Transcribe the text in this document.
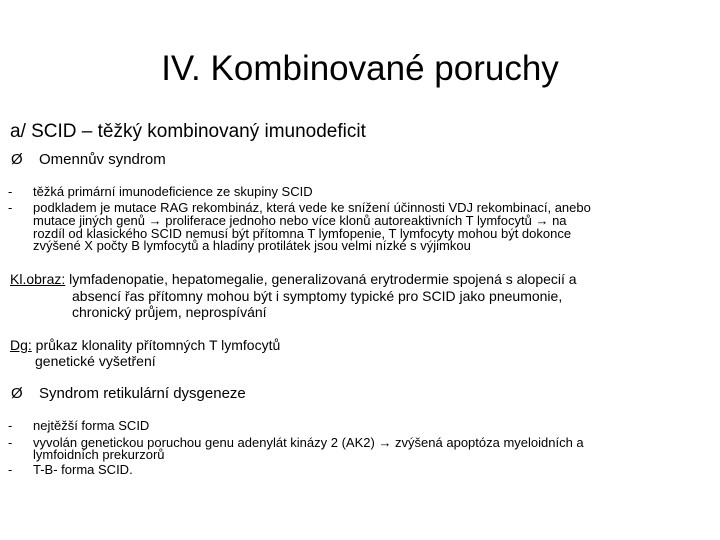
IV. Kombinované poruchy
a/ SCID – těžký kombinovaný imunodeficit
Ø Omennův syndrom
- těžká primární imunodeficience ze skupiny SCID
- podkladem je mutace RAG rekombináz, která vede ke snížení účinnosti VDJ rekombinací, anebo
mutace jiných genů → proliferace jednoho nebo více klonů autoreaktivních T lymfocytů → na
rozdíl od klasického SCID nemusí být přítomna T lymfopenie, T lymfocyty mohou být dokonce
zvýšené X počty B lymfocytů a hladiny protilátek jsou velmi nízké s výjimkou
Kl.obraz: lymfadenopatie, hepatomegalie, generalizovaná erytrodermie spojená s alopecií a
absencí řas přítomny mohou být i symptomy typické pro SCID jako pneumonie,
chronický průjem, neprospívání
Dg: průkaz klonality přítomných T lymfocytů
genetické vyšetření
Ø Syndrom retikulární dysgeneze
- nejtěžší forma SCID
- vyvolán genetickou poruchou genu adenylát kinázy 2 (AK2) → zvýšená apoptóza myeloidních a
lymfoidních prekurzorů
- T-B- forma SCID.
